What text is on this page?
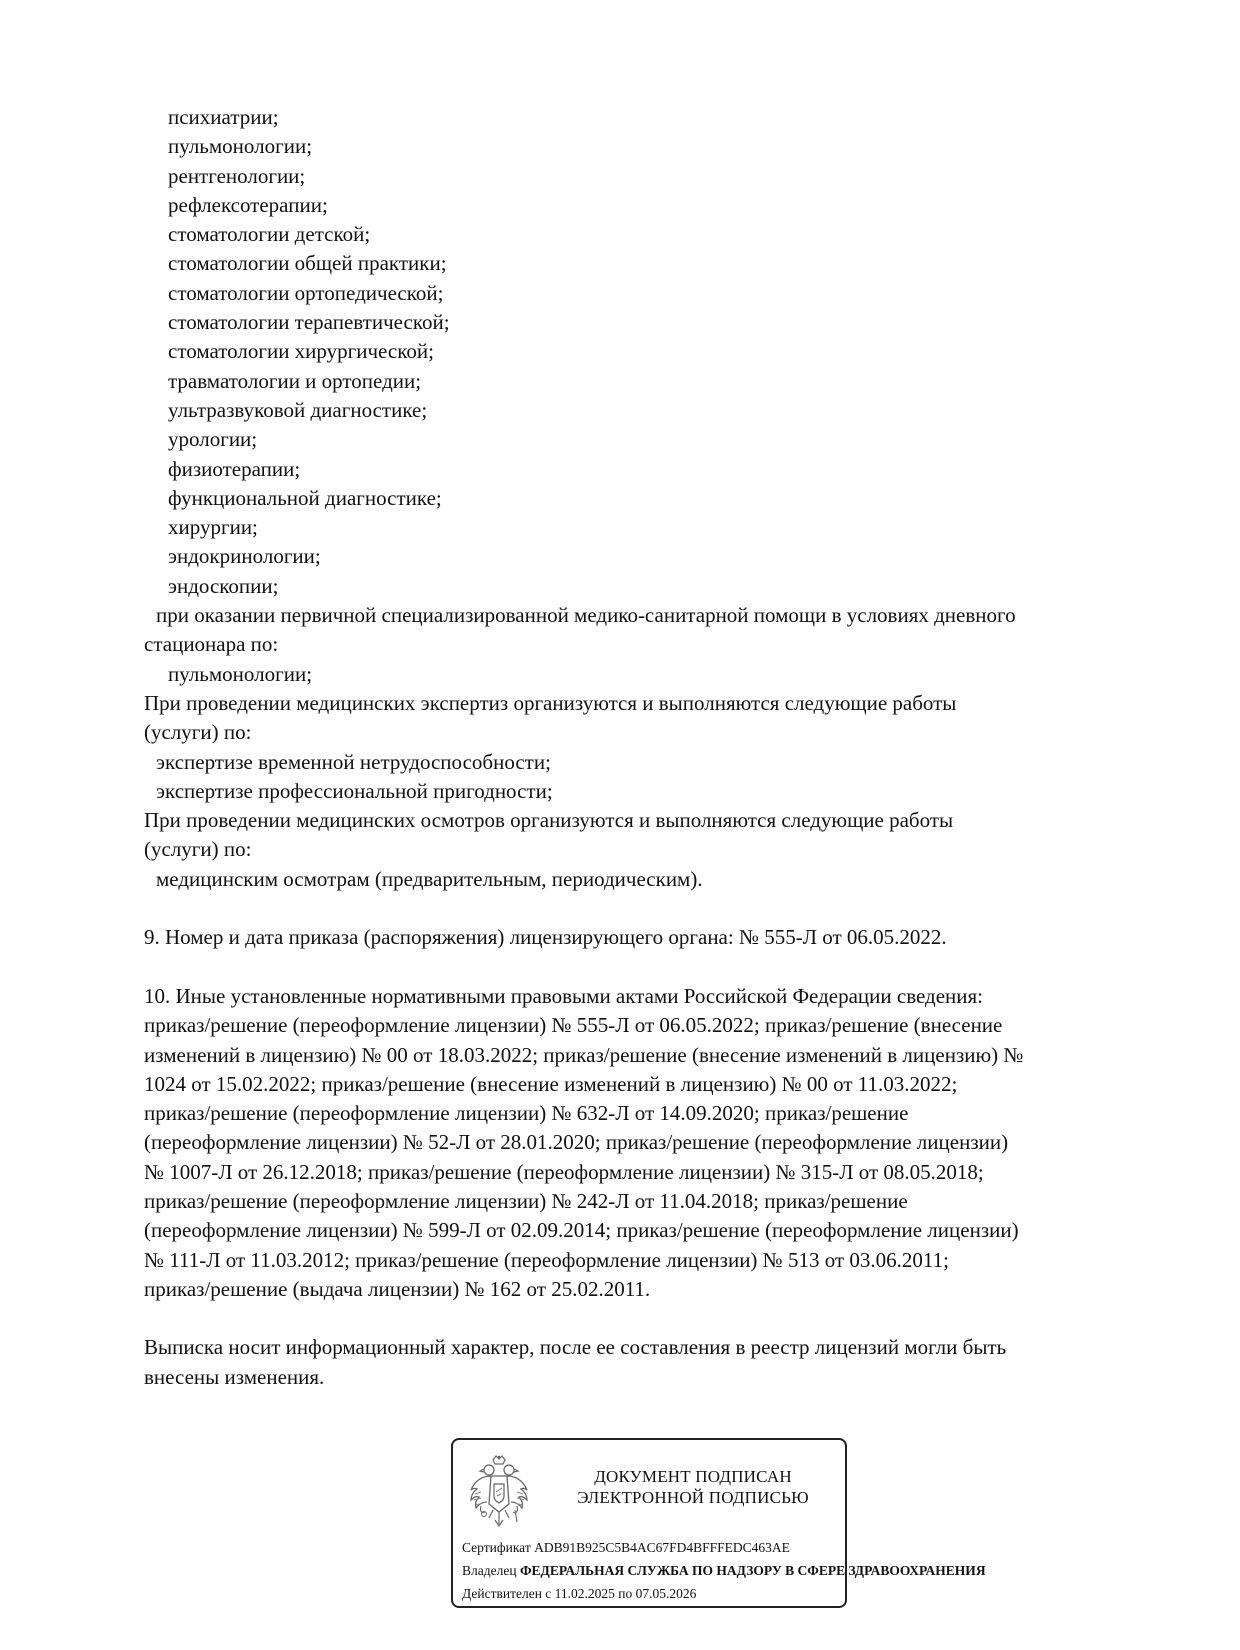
психиатрии;
пульмонологии;
рентгенологии;
рефлексотерапии;
стоматологии детской;
стоматологии общей практики;
стоматологии ортопедической;
стоматологии терапевтической;
стоматологии хирургической;
травматологии и ортопедии;
ультразвуковой диагностике;
урологии;
физиотерапии;
функциональной диагностике;
хирургии;
эндокринологии;
эндоскопии;
при оказании первичной специализированной медико-санитарной помощи в условиях дневного
стационара по:
пульмонологии;
При проведении медицинских экспертиз организуются и выполняются следующие работы
(услуги) по:
экспертизе временной нетрудоспособности;
экспертизе профессиональной пригодности;
При проведении медицинских осмотров организуются и выполняются следующие работы
(услуги) по:
медицинским осмотрам (предварительным, периодическим).
9. Номер и дата приказа (распоряжения) лицензирующего органа: № 555-Л от 06.05.2022.
10. Иные установленные нормативными правовыми актами Российской Федерации сведения:
приказ/решение (переоформление лицензии) № 555-Л от 06.05.2022; приказ/решение (внесение
изменений в лицензию) № 00 от 18.03.2022; приказ/решение (внесение изменений в лицензию) №
1024 от 15.02.2022; приказ/решение (внесение изменений в лицензию) № 00 от 11.03.2022;
приказ/решение (переоформление лицензии) № 632-Л от 14.09.2020; приказ/решение
(переоформление лицензии) № 52-Л от 28.01.2020; приказ/решение (переоформление лицензии)
№ 1007-Л от 26.12.2018; приказ/решение (переоформление лицензии) № 315-Л от 08.05.2018;
приказ/решение (переоформление лицензии) № 242-Л от 11.04.2018; приказ/решение
(переоформление лицензии) № 599-Л от 02.09.2014; приказ/решение (переоформление лицензии)
№ 111-Л от 11.03.2012; приказ/решение (переоформление лицензии) № 513 от 03.06.2011;
приказ/решение (выдача лицензии) № 162 от 25.02.2011.
Выписка носит информационный характер, после ее составления в реестр лицензий могли быть
внесены изменения.
ДОКУМЕНТ ПОДПИСАН
ЭЛЕКТРОННОЙ ПОДПИСЬЮ
Сертификат ADB91B925C5B4AC67FD4BFFFEDC463AE
Владелец ФЕДЕРАЛЬНАЯ СЛУЖБА ПО НАДЗОРУ В СФЕРЕ ЗДРАВООХРАНЕНИЯ
Действителен с 11.02.2025 по 07.05.2026
